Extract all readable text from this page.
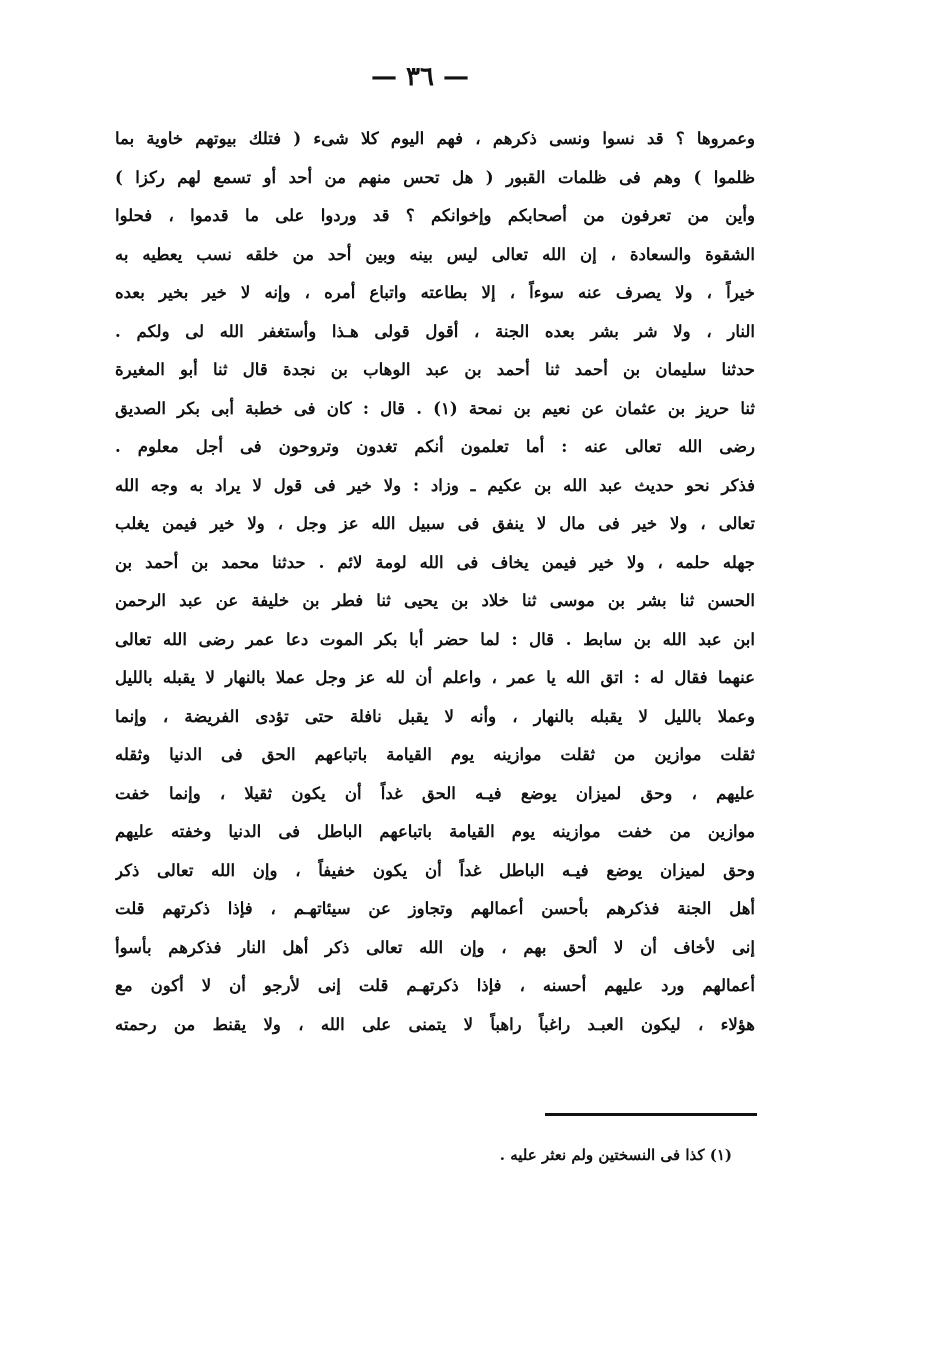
— ٣٦ —
وعمروها ؟ قد نسوا ونسى ذكرهم ، فهم اليوم كلا شىء ( فتلك بيوتهم خاوية بما
ظلموا ) وهم فى ظلمات القبور ( هل تحس منهم من أحد أو تسمع لهم ركزا )
وأين من تعرفون من أصحابكم وإخوانكم ؟ قد وردوا على ما قدموا ، فحلوا
الشقوة والسعادة ، إن الله تعالى ليس بينه وبين أحد من خلقه نسب يعطيه به
خيراً ، ولا يصرف عنه سوءاً ، إلا بطاعته واتباع أمره ، وإنه لا خير بخير بعده
النار ، ولا شر بشر بعده الجنة ، أقول قولى هـذا وأستغفر الله لى ولكم .
حدثنا سليمان بن أحمد ثنا أحمد بن عبد الوهاب بن نجدة قال ثنا أبو المغيرة
ثنا حريز بن عثمان عن نعيم بن نمحة (١) . قال : كان فى خطبة أبى بكر الصديق
رضى الله تعالى عنه : أما تعلمون أنكم تغدون وتروحون فى أجل معلوم .
فذكر نحو حديث عبد الله بن عكيم ـ وزاد : ولا خير فى قول لا يراد به وجه الله
تعالى ، ولا خير فى مال لا ينفق فى سبيل الله عز وجل ، ولا خير فيمن يغلب
جهله حلمه ، ولا خير فيمن يخاف فى الله لومة لائم . حدثنا محمد بن أحمد بن
الحسن ثنا بشر بن موسى ثنا خلاد بن يحيى ثنا فطر بن خليفة عن عبد الرحمن
ابن عبد الله بن سابط . قال : لما حضر أبا بكر الموت دعا عمر رضى الله تعالى
عنهما فقال له : اتق الله يا عمر ، واعلم أن لله عز وجل عملا بالنهار لا يقبله بالليل
وعملا بالليل لا يقبله بالنهار ، وأنه لا يقبل نافلة حتى تؤدى الفريضة ، وإنما
ثقلت موازين من ثقلت موازينه يوم القيامة باتباعهم الحق فى الدنيا وثقله
عليهم ، وحق لميزان يوضع فيـه الحق غداً أن يكون ثقيلا ، وإنما خفت
موازين من خفت موازينه يوم القيامة باتباعهم الباطل فى الدنيا وخفته عليهم
وحق لميزان يوضع فيـه الباطل غداً أن يكون خفيفاً ، وإن الله تعالى ذكر
أهل الجنة فذكرهم بأحسن أعمالهم وتجاوز عن سيئاتهـم ، فإذا ذكرتهم قلت
إنى لأخاف أن لا ألحق بهم ، وإن الله تعالى ذكر أهل النار فذكرهم بأسوأ
أعمالهم ورد عليهم أحسنه ، فإذا ذكرتهـم قلت إنى لأرجو أن لا أكون مع
هؤلاء ، ليكون العبـد راغباً راهباً لا يتمنى على الله ، ولا يقنط من رحمته
(١) كذا فى النسختين ولم نعثر عليه .
